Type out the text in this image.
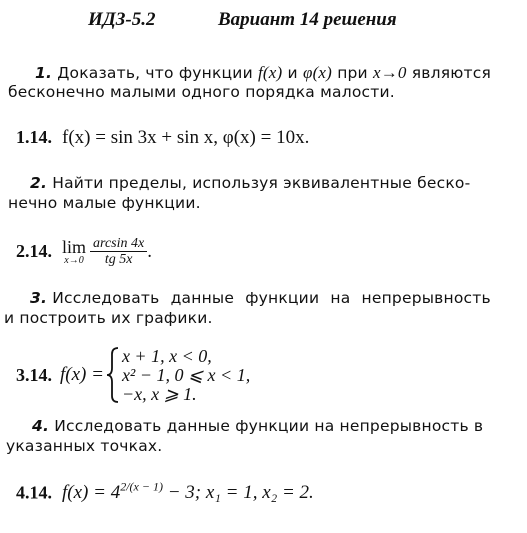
ИДЗ-5.2	Вариант 14 решения
1. Доказать, что функции f(x) и φ(x) при x→0 являются
бесконечно малыми одного порядка малости.
1.14. f(x) = sin 3x + sin x, φ(x) = 10x.
2. Найти пределы, используя эквивалентные беско-
нечно малые функции.
2.14. lim
$x\to 0 \frac{\arcsin 4x}{tg 5x}$ .
3. Исследовать данные функции на непрерывность
и построить их графики.
3.14. f(x) =
x + 1, x < 0,
x² − 1, 0 ⩽ x < 1,
−x, x ⩾ 1.
4. Исследовать данные функции на непрерывность в
указанных точках.
4.14. $f(x) = 4^{2/(x - 1)} - 3$; x₁ = 1, x₂ = 2.
